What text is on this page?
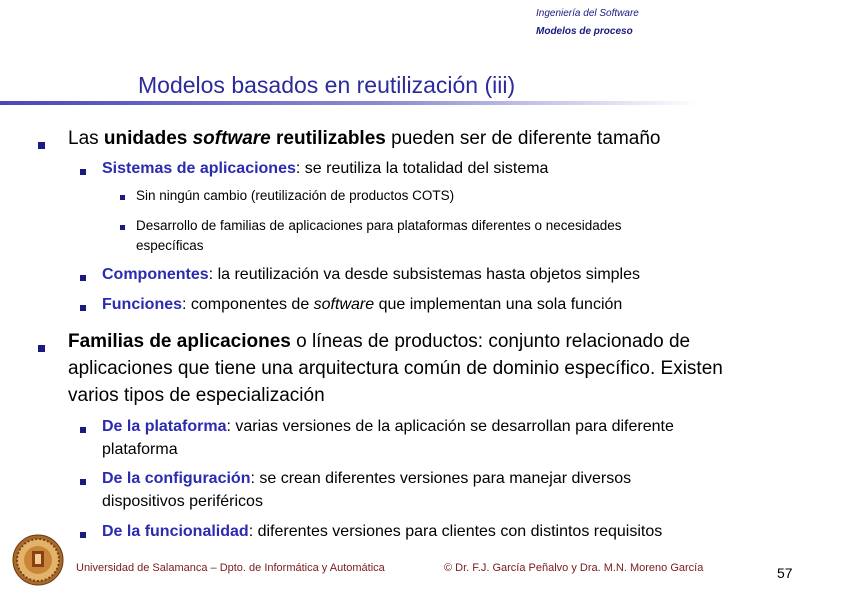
Ingeniería del Software
Modelos de proceso
Modelos basados en reutilización (iii)
Las unidades software reutilizables pueden ser de diferente tamaño
Sistemas de aplicaciones: se reutiliza la totalidad del sistema
Sin ningún cambio (reutilización de productos COTS)
Desarrollo de familias de aplicaciones para plataformas diferentes o necesidades
específicas
Componentes: la reutilización va desde subsistemas hasta objetos simples
Funciones: componentes de software que implementan una sola función
Familias de aplicaciones o líneas de productos: conjunto relacionado de
aplicaciones que tiene una arquitectura común de dominio específico. Existen
varios tipos de especialización
De la plataforma: varias versiones de la aplicación se desarrollan para diferente
plataforma
De la configuración: se crean diferentes versiones para manejar diversos
dispositivos periféricos
De la funcionalidad: diferentes versiones para clientes con distintos requisitos
Universidad de Salamanca – Dpto. de Informática y Automática	© Dr. F.J. García Peñalvo y Dra. M.N. Moreno García	57
